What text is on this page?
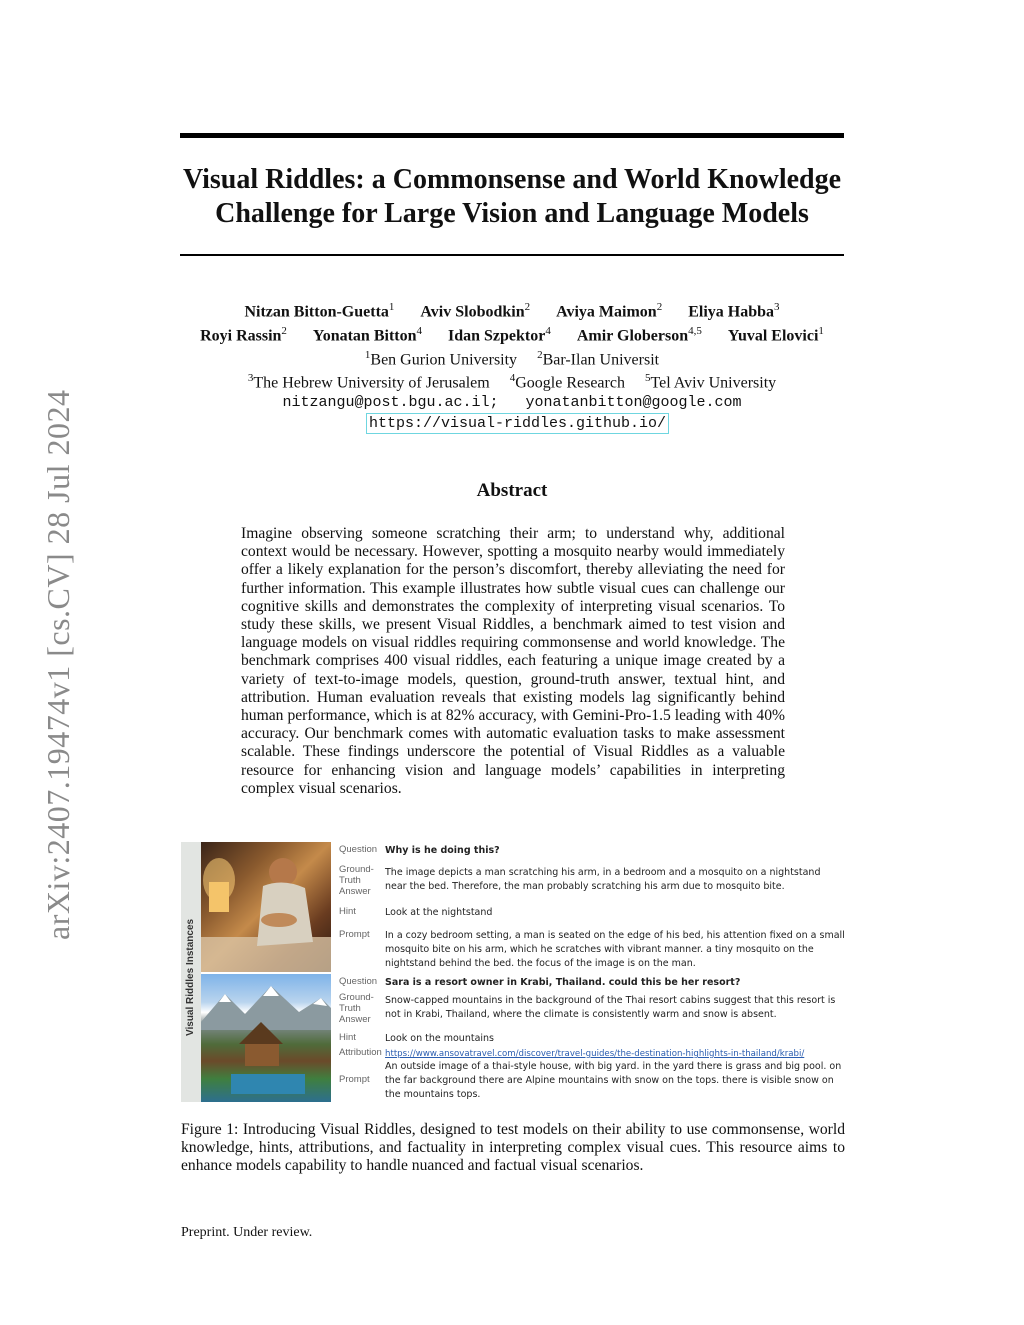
arXiv:2407.19474v1 [cs.CV] 28 Jul 2024
Visual Riddles: a Commonsense and World Knowledge
Challenge for Large Vision and Language Models
Nitzan Bitton-Guetta$^1$ Aviv Slobodkin$^2$ Aviya Maimon$^2$ Eliya Habba$^3$
Royi Rassin$^2$ Yonatan Bitton$^4$ Idan Szpektor$^4$ Amir Globerson$^{4,5}$ Yuval Elovici$^1$
$^1$Ben Gurion University $^2$Bar-Ilan Universit
$^3$The Hebrew University of Jerusalem $^4$Google Research $^5$Tel Aviv University
nitzangu@post.bgu.ac.il;   yonatanbitton@google.com
https://visual-riddles.github.io/
Abstract
Imagine observing someone scratching their arm; to understand why, additional context would be necessary. However, spotting a mosquito nearby would immediately offer a likely explanation for the person’s discomfort, thereby alleviating the need for further information. This example illustrates how subtle visual cues can challenge our cognitive skills and demonstrates the complexity of interpreting visual scenarios. To study these skills, we present Visual Riddles, a benchmark aimed to test vision and language models on visual riddles requiring commonsense and world knowledge. The benchmark comprises 400 visual riddles, each featuring a unique image created by a variety of text-to-image models, question, ground-truth answer, textual hint, and attribution. Human evaluation reveals that existing models lag significantly behind human performance, which is at 82% accuracy, with Gemini-Pro-1.5 leading with 40% accuracy. Our benchmark comes with automatic evaluation tasks to make assessment scalable. These findings underscore the potential of Visual Riddles as a valuable resource for enhancing vision and language models’ capabilities in interpreting complex visual scenarios.
Visual Riddles Instances
Question Why is he doing this?
Ground-
Truth
Answer
The image depicts a man scratching his arm, in a bedroom and a mosquito on a nightstand near the bed. Therefore, the man probably scratching his arm due to mosquito bite.
Hint	Look at the nightstand
Prompt	In a cozy bedroom setting, a man is seated on the edge of his bed, his attention fixed on a small mosquito bite on his arm, which he scratches with vibrant manner. a tiny mosquito on the nightstand behind the bed. the focus of the image is on the man.
Question Sara is a resort owner in Krabi, Thailand. could this be her resort?
Ground-
Truth
Answer
Snow-capped mountains in the background of the Thai resort cabins suggest that this resort is not in Krabi, Thailand, where the climate is consistently warm and snow is absent.
Hint	Look on the mountains
Attribution https://www.ansovatravel.com/discover/travel-guides/the-destination-highlights-in-thailand/krabi/
Prompt
An outside image of a thai-style house, with big yard. in the yard there is grass and big pool. on the far background there are Alpine mountains with snow on the tops. there is visible snow on the mountains tops.
Figure 1: Introducing Visual Riddles, designed to test models on their ability to use commonsense, world knowledge, hints, attributions, and factuality in interpreting complex visual cues. This resource aims to enhance models capability to handle nuanced and factual visual scenarios.
Preprint. Under review.
